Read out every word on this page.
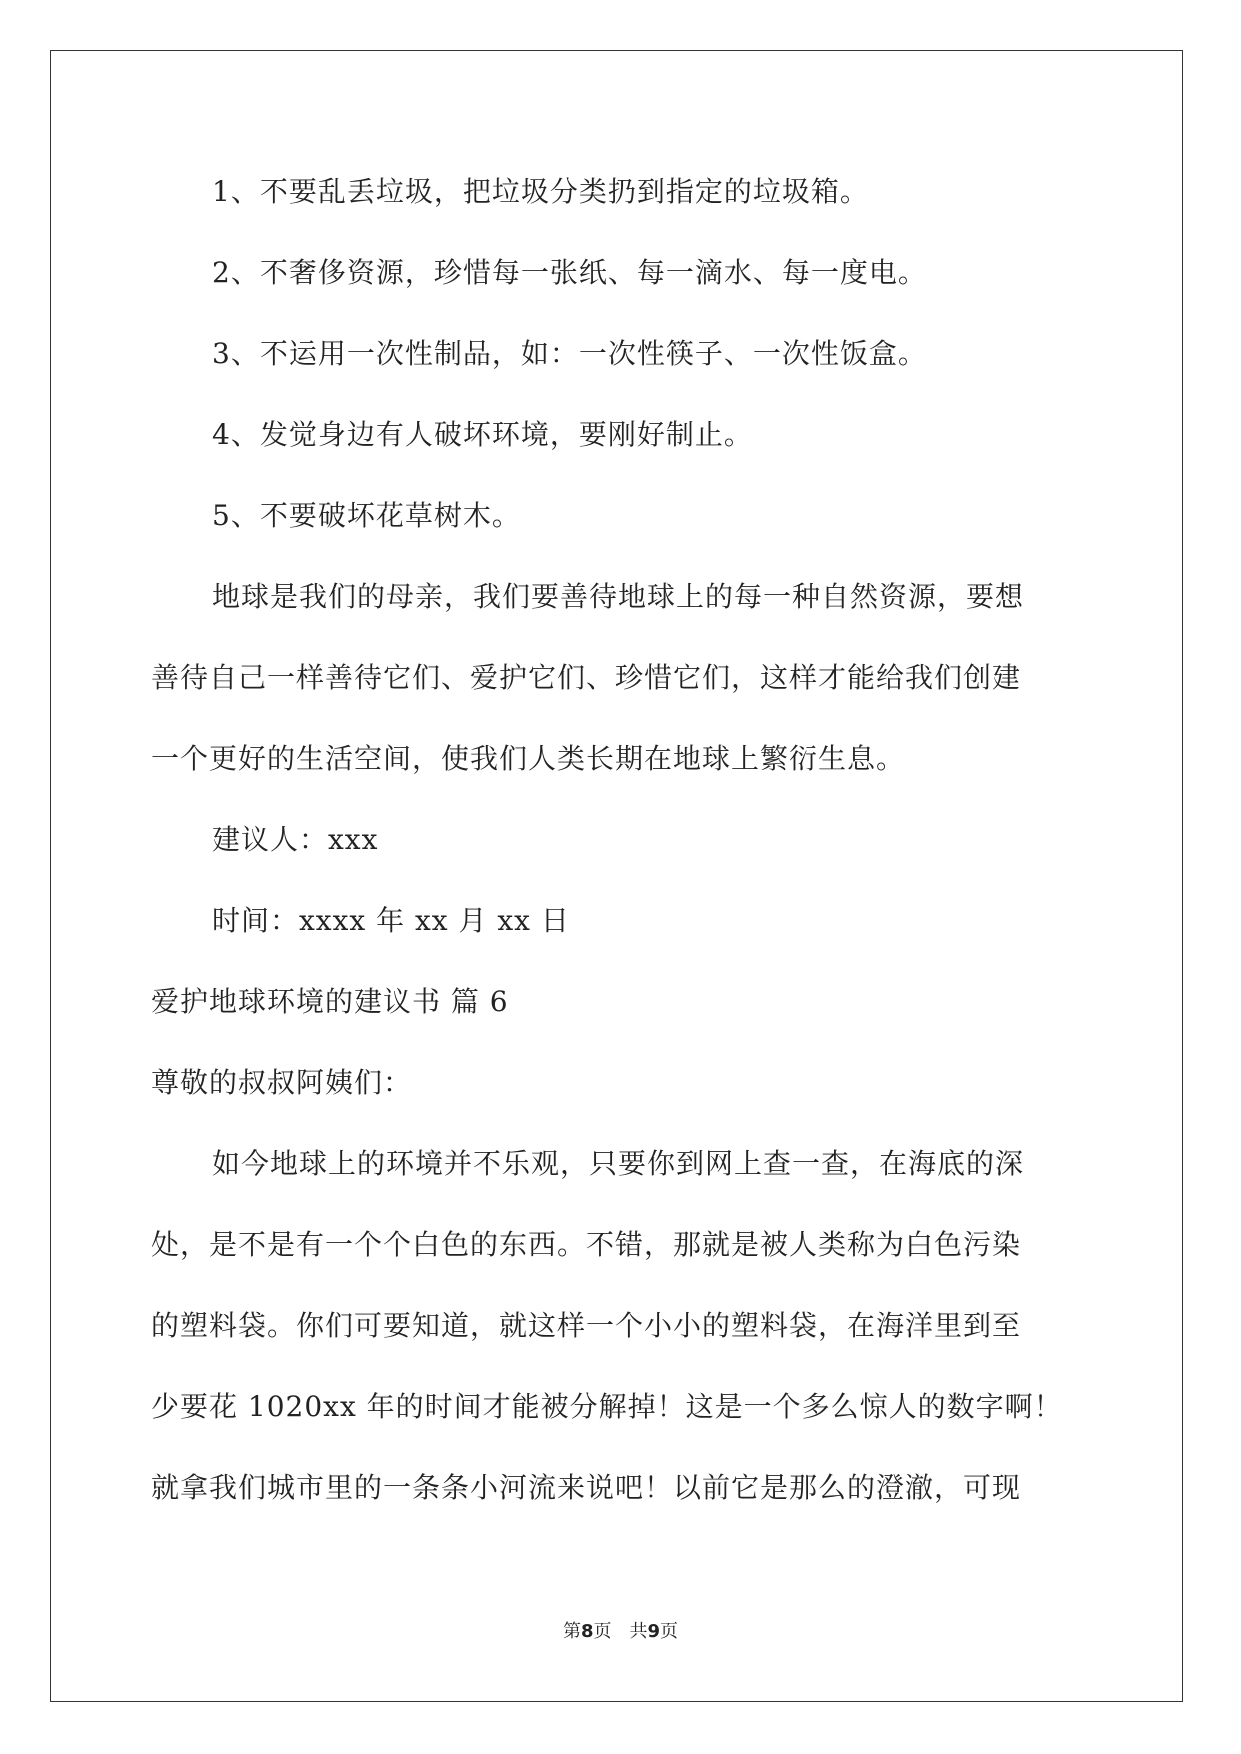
1、不要乱丢垃圾，把垃圾分类扔到指定的垃圾箱。
2、不奢侈资源，珍惜每一张纸、每一滴水、每一度电。
3、不运用一次性制品，如：一次性筷子、一次性饭盒。
4、发觉身边有人破坏环境，要刚好制止。
5、不要破坏花草树木。
地球是我们的母亲，我们要善待地球上的每一种自然资源，要想
善待自己一样善待它们、爱护它们、珍惜它们，这样才能给我们创建
一个更好的生活空间，使我们人类长期在地球上繁衍生息。
建议人：xxx
时间：xxxx 年 xx 月 xx 日
爱护地球环境的建议书 篇 6
尊敬的叔叔阿姨们：
如今地球上的环境并不乐观，只要你到网上查一查，在海底的深
处，是不是有一个个白色的东西。不错，那就是被人类称为白色污染
的塑料袋。你们可要知道，就这样一个小小的塑料袋，在海洋里到至
少要花 1020xx 年的时间才能被分解掉！这是一个多么惊人的数字啊！
就拿我们城市里的一条条小河流来说吧！以前它是那么的澄澈，可现
第8页　共9页
